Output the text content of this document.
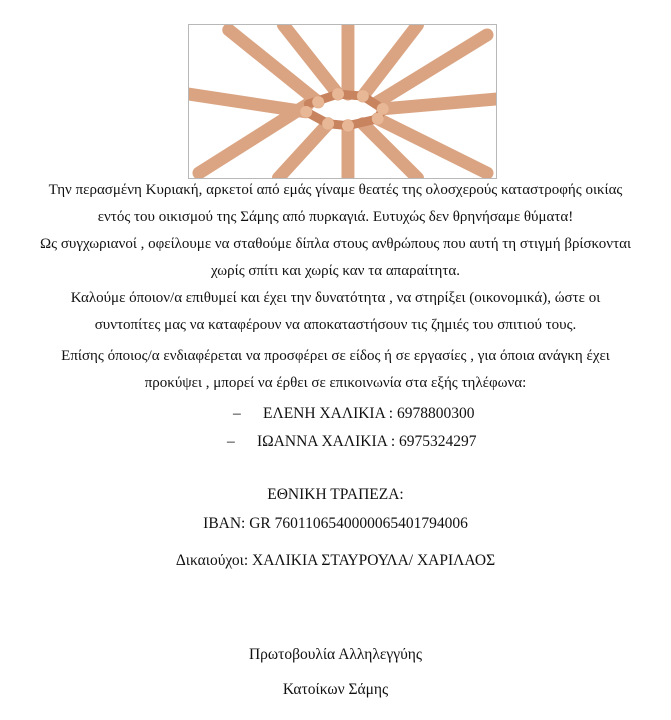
Την περασμένη Κυριακή, αρκετοί από εμάς γίναμε θεατές της ολοσχερούς καταστροφής οικίας
εντός του οικισμού της Σάμης από πυρκαγιά. Ευτυχώς δεν θρηνήσαμε θύματα!

Ως συγχωριανοί , οφείλουμε να σταθούμε δίπλα στους ανθρώπους που αυτή τη στιγμή βρίσκονται
χωρίς σπίτι και χωρίς καν τα απαραίτητα.

Καλούμε όποιον/α επιθυμεί και έχει την δυνατότητα , να στηρίξει (οικονομικά), ώστε οι
συντοπίτες μας να καταφέρουν να αποκαταστήσουν τις ζημιές του σπιτιού τους.

Επίσης όποιος/α ενδιαφέρεται να προσφέρει σε είδος ή σε εργασίες , για όποια ανάγκη έχει
προκύψει , μπορεί να έρθει σε επικοινωνία στα εξής τηλέφωνα:

– ΕΛΕΝΗ ΧΑΛΙΚΙΑ : 6978800300
– ΙΩΑΝΝΑ ΧΑΛΙΚΙΑ : 6975324297
ΕΘΝΙΚΗ ΤΡΑΠΕΖΑ:
IBAN: GR 7601106540000065401794006
Δικαιούχοι: ΧΑΛΙΚΙΑ ΣΤΑΥΡΟΥΛΑ/ ΧΑΡΙΛΑΟΣ
Πρωτοβουλία Αλληλεγγύης
Κατοίκων Σάμης
